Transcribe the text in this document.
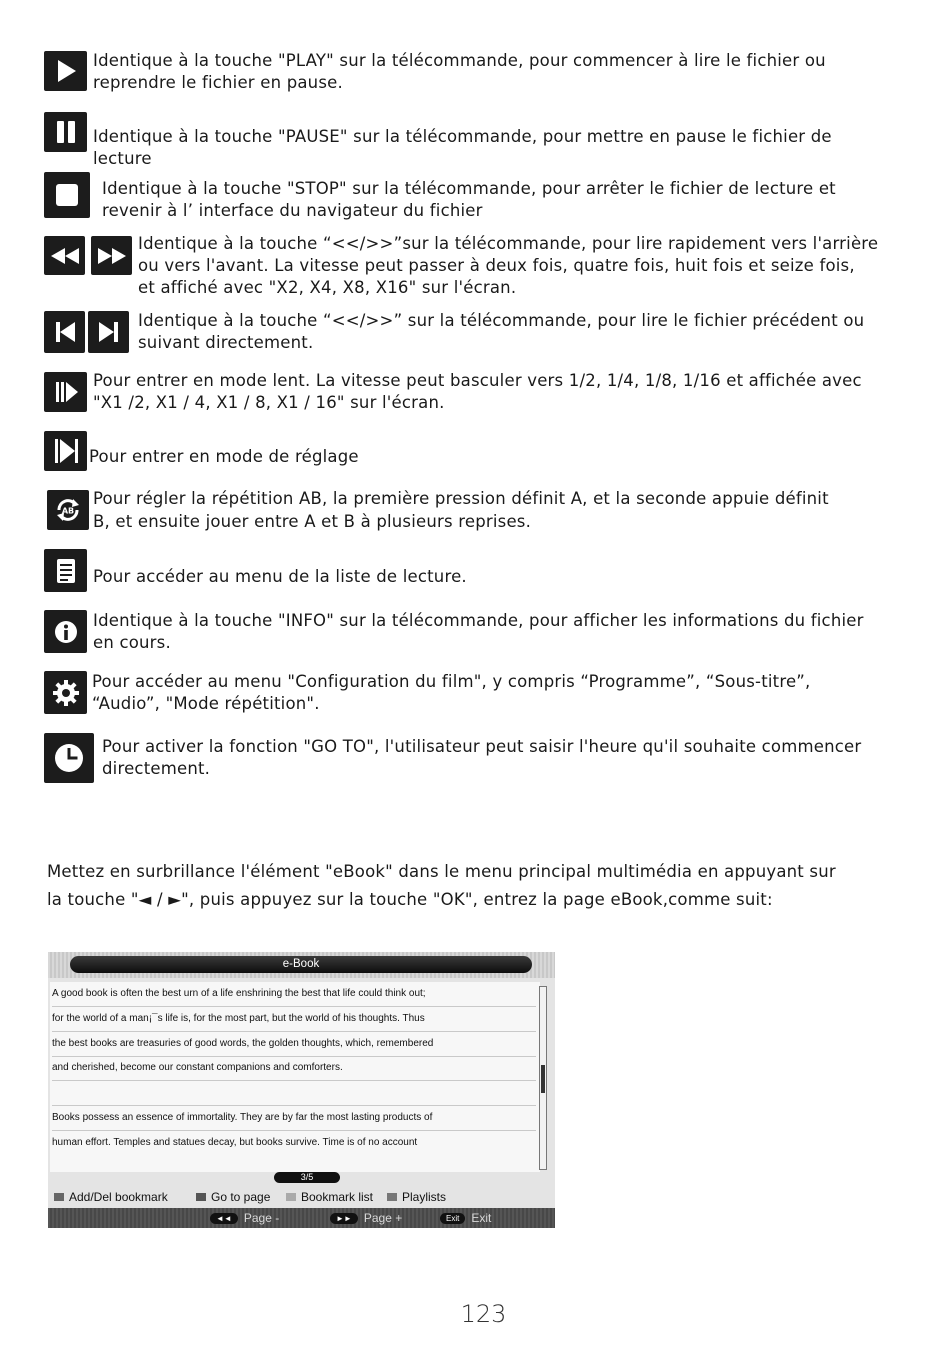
Identique à la touche "PLAY" sur la télécommande, pour commencer à lire le fichier ou
reprendre le fichier en pause.
Identique à la touche "PAUSE" sur la télécommande, pour mettre en pause le fichier de
lecture
Identique à la touche "STOP" sur la télécommande, pour arrêter le fichier de lecture et
revenir à l’ interface du navigateur du fichier
Identique à la touche “<</>>”sur la télécommande, pour lire rapidement vers l'arrière
ou vers l'avant. La vitesse peut passer à deux fois, quatre fois, huit fois et seize fois,
et affiché avec "X2, X4, X8, X16" sur l'écran.
Identique à la touche “<</>>” sur la télécommande, pour lire le fichier précédent ou
suivant directement.
Pour entrer en mode lent. La vitesse peut basculer vers 1/2, 1/4, 1/8, 1/16 et affichée avec
"X1 /2, X1 / 4, X1 / 8, X1 / 16" sur l'écran.
Pour entrer en mode de réglage
AB
Pour régler la répétition AB, la première pression définit A, et la seconde appuie définit
B, et ensuite jouer entre A et B à plusieurs reprises.
Pour accéder au menu de la liste de lecture.
Identique à la touche "INFO" sur la télécommande, pour afficher les informations du fichier
en cours.
Pour accéder au menu "Configuration du film", y compris “Programme”, “Sous-titre”,
“Audio”, "Mode répétition".
Pour activer la fonction "GO TO", l'utilisateur peut saisir l'heure qu'il souhaite commencer
directement.
Mettez en surbrillance l'élément "eBook" dans le menu principal multimédia en appuyant sur
la touche "◄ / ►", puis appuyez sur la touche "OK", entrez la page eBook,comme suit:
e-Book
A good book is often the best urn of a life enshrining the best that life could think out;
for the world of a man¡¯s life is, for the most part, but the world of his thoughts. Thus
the best books are treasuries of good words, the golden thoughts, which, remembered
and cherished, become our constant companions and comforters.
Books possess an essence of immortality. They are by far the most lasting products of
human effort. Temples and statues decay, but books survive. Time is of no account
3/5
Add/Del bookmark	Go to page	Bookmark list	Playlists
◄◄ Page -	►► Page +	Exit Exit
123
